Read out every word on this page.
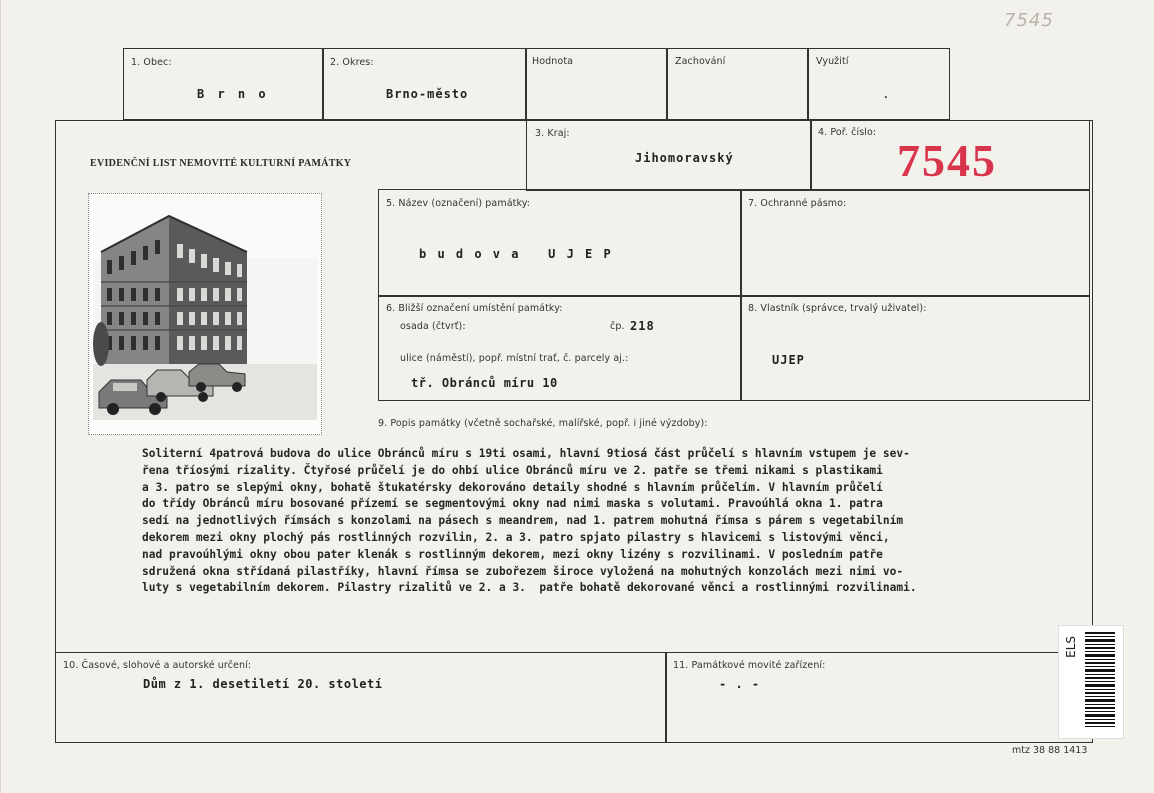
7545
1. Obec:
B r n o
2. Okres:
Brno-město
Hodnota	Zachování	Využití
.
EVIDENČNÍ LIST NEMOVITÉ KULTURNÍ PAMÁTKY
3. Kraj:
Jihomoravský
4. Poř. číslo:
7545
5. Název (označení) památky:
b u d o v a   U J E P
7. Ochranné pásmo:
6. Bližší označení umístění památky:
osada (čtvrť):	čp. 218
ulice (náměstí), popř. místní trať, č. parcely aj.:
tř. Obránců míru 10
8. Vlastník (správce, trvalý uživatel):
UJEP
9. Popis památky (včetně sochařské, malířské, popř. i jiné výzdoby):
Soliterní 4patrová budova do ulice Obránců míru s 19ti osami, hlavní 9tiosá část průčelí s hlavním vstupem je sev-
řena tříosými rizality. Čtyřosé průčelí je do ohbí ulice Obránců míru ve 2. patře se třemi nikami s plastikami
a 3. patro se slepými okny, bohatě štukatérsky dekorováno detaily shodné s hlavním průčelím. V hlavním průčelí
do třídy Obránců míru bosované přízemí se segmentovými okny nad nimi maska s volutami. Pravoúhlá okna 1. patra
sedí na jednotlivých římsách s konzolami na pásech s meandrem, nad 1. patrem mohutná římsa s párem s vegetabilním
dekorem mezi okny plochý pás rostlinných rozvilin, 2. a 3. patro spjato pilastry s hlavicemi s listovými věnci,
nad pravoúhlými okny obou pater klenák s rostlinným dekorem, mezi okny lizény s rozvilinami. V posledním patře
sdružená okna střídaná pilastříky, hlavní římsa se zubořezem široce vyložená na mohutných konzolách mezi nimi vo-
luty s vegetabilním dekorem. Pilastry rizalitů ve 2. a 3.  patře bohatě dekorované věnci a rostlinnými rozvilinami.
10. Časové, slohové a autorské určení:
Dům z 1. desetiletí 20. století
11. Památkové movité zařízení:
- . -
ELS
mtz 38 88 1413
